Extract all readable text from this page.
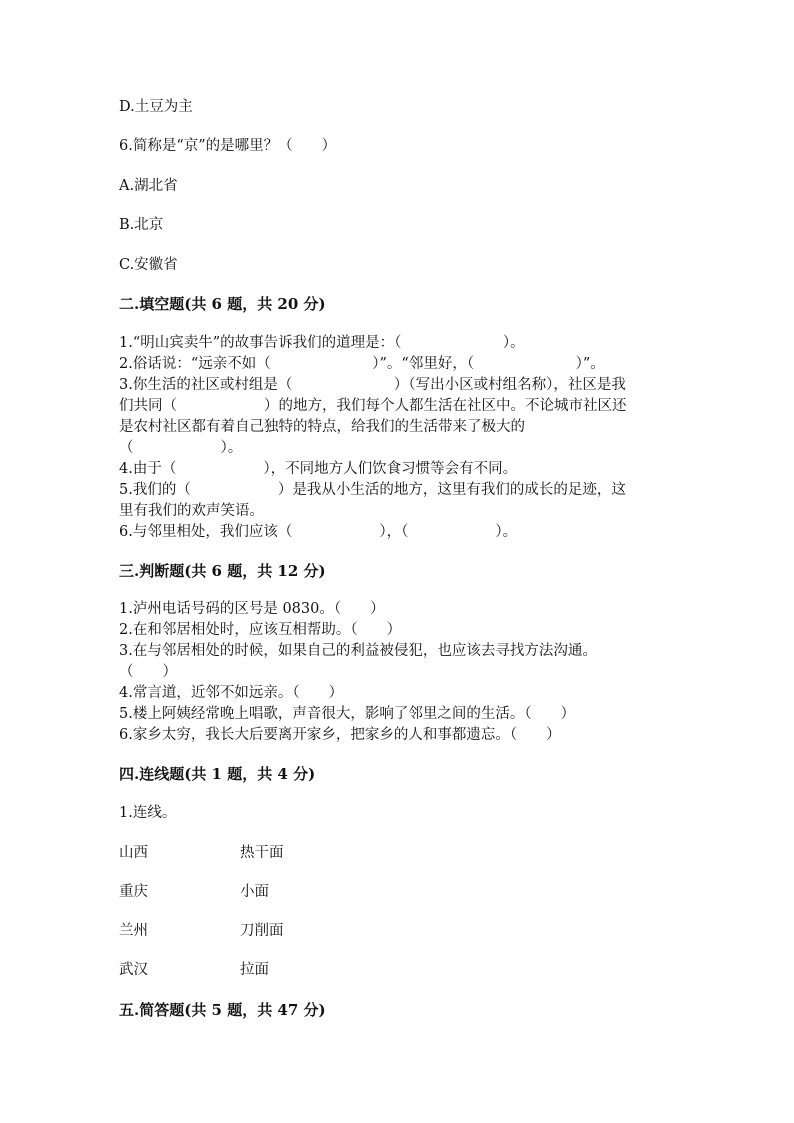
D.土豆为主
6.简称是“京”的是哪里？（　　）
A.湖北省
B.北京
C.安徽省
二.填空题(共 6 题，共 20 分)
1.“明山宾卖牛”的故事告诉我们的道理是：（　　　　　　　）。
2.俗话说：“远亲不如（　　　　　　　）”。“邻里好，（　　　　　　　）”。
3.你生活的社区或村组是（　　　　　　　）（写出小区或村组名称），社区是我
们共同（　　　　　　）的地方，我们每个人都生活在社区中。不论城市社区还
是农村社区都有着自己独特的特点，给我们的生活带来了极大的
（　　　　　　）。
4.由于（　　　　　　），不同地方人们饮食习惯等会有不同。
5.我们的（　　　　　　）是我从小生活的地方，这里有我们的成长的足迹，这
里有我们的欢声笑语。
6.与邻里相处，我们应该（　　　　　　），（　　　　　　）。
三.判断题(共 6 题，共 12 分)
1.泸州电话号码的区号是 0830。（　　）
2.在和邻居相处时，应该互相帮助。（　　）
3.在与邻居相处的时候，如果自己的利益被侵犯，也应该去寻找方法沟通。
（　　）
4.常言道，近邻不如远亲。（　　）
5.楼上阿姨经常晚上唱歌，声音很大，影响了邻里之间的生活。（　　）
6.家乡太穷，我长大后要离开家乡，把家乡的人和事都遗忘。（　　）
四.连线题(共 1 题，共 4 分)
1.连线。
山西	热干面
重庆	小面
兰州	刀削面
武汉	拉面
五.简答题(共 5 题，共 47 分)
